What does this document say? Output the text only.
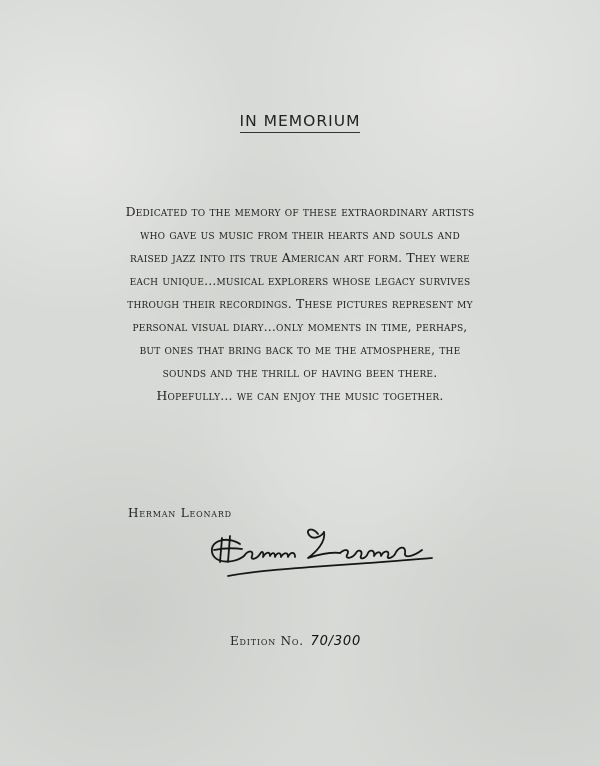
IN MEMORIUM
Dedicated to the memory of these extraordinary artists
who gave us music from their hearts and souls and
raised jazz into its true American art form. They were
each unique...musical explorers whose legacy survives
through their recordings. These pictures represent my
personal visual diary...only moments in time, perhaps,
but ones that bring back to me the atmosphere, the
sounds and the thrill of having been there.
Hopefully... we can enjoy the music together.
Herman Leonard
Edition No. 70/300
